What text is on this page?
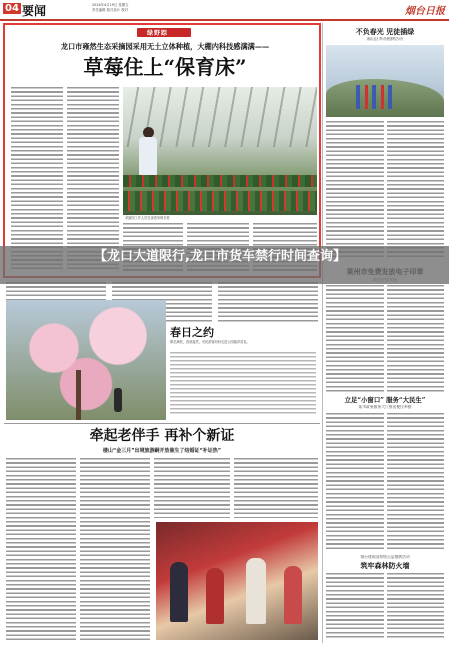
04 要闻	2024年4月19日 星期五
责任编辑 版式设计 校对	烟台日报
绿野踪
龙口市雍然生态采摘园采用无土立体种植，大棚内科技感满满——
草莓住上“保育床”
采摘园工作人员在查看草莓长势
不负春光 児徒插绿
福山区举办植树活动
立足“小窗口” 服务“大民生”
某市政务服务大厅推出便民举措
烟台建筑国家级公益植树活动
筑牢森林防火墙
春日之约
繁花满枝，春意盎然，市民游客纷纷走进公园踏青赏花。
【龙口大道限行,龙口市货车禁行时间查询】
牵起老伴手 再补个新证
楼山“金三月”出境旅游嗣开放催生了结婚证“补证热”
